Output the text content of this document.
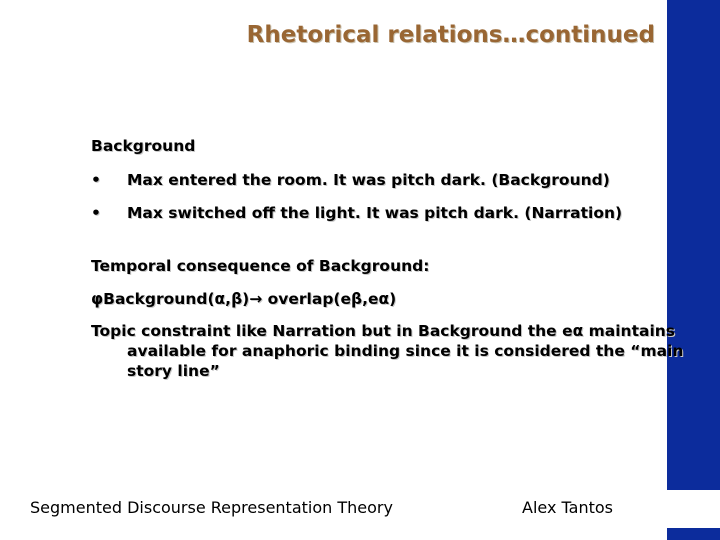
Rhetorical relations…continued
Background
• Max entered the room. It was pitch dark. (Background)
• Max switched off the light. It was pitch dark. (Narration)
Temporal consequence of Background:
φBackground(α,β)→ overlap(eβ,eα)
Topic constraint like Narration but in Background the eα maintains available for anaphoric binding since it is considered the “main story line”
Segmented Discourse Representation Theory	Alex Tantos
